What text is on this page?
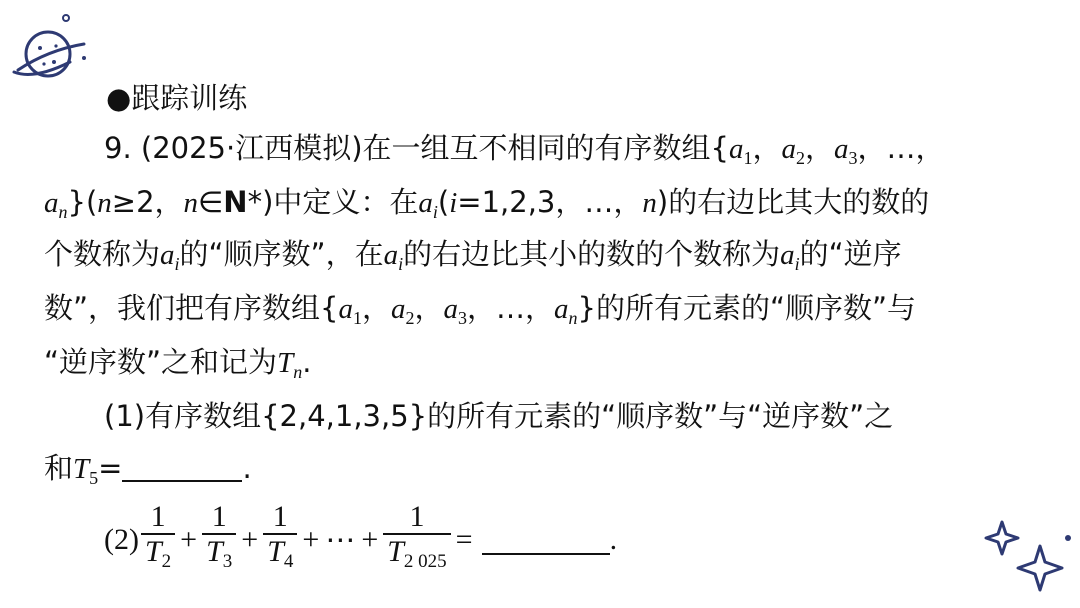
●跟踪训练
9. (2025·江西模拟)在一组互不相同的有序数组{$a_1$，$a_2$，$a_3$，…，
$a_n\}(n\ge 2$，n∈N*)中定义：在$a_i(i=1,2,3$，…，n)的右边比其大的数的
个数称为$a_i$的“顺序数”，在$a_i$的右边比其小的数的个数称为$a_i$的“逆序
数”，我们把有序数组{$a_1$，$a_2$，$a_3$，…，$a_n$}的所有元素的“顺序数”与
“逆序数”之和记为$T_n$.
(1)有序数组{2,4,1,3,5}的所有元素的“顺序数”与“逆序数”之
和$T_5=$	.
$(2) \frac{1}{T_2} + \frac{1}{T_3} + \frac{1}{T_4}$ + ⋯ + $\frac{1}{T_{2 025}}$ =	.
